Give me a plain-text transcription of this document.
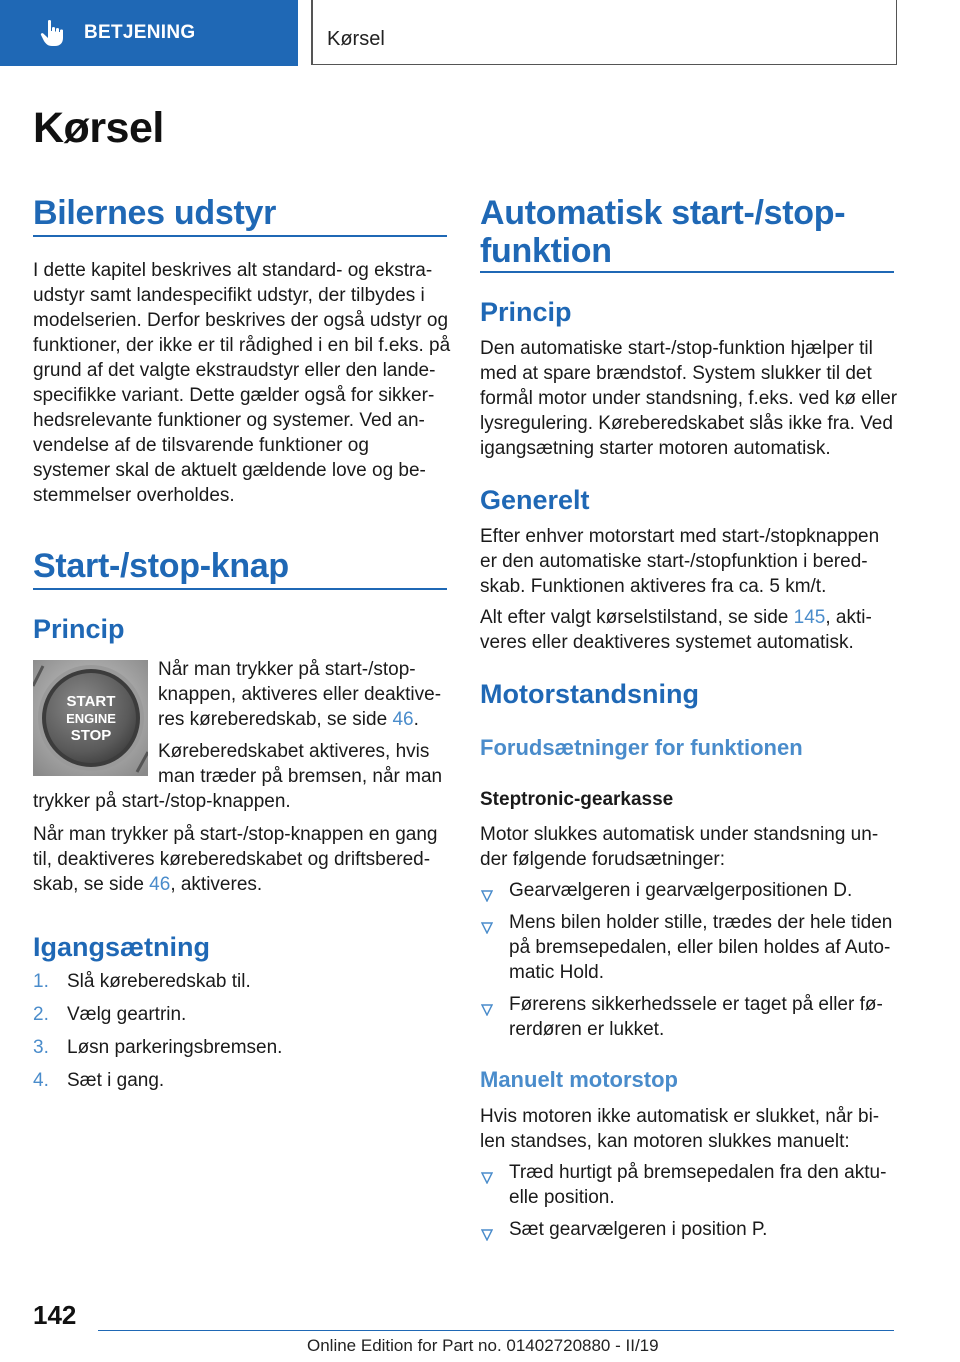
BETJENING	Kørsel
Kørsel
Bilernes udstyr
I dette kapitel beskrives alt standard- og ekstra-
udstyr samt landespecifikt udstyr, der tilbydes i
modelserien. Derfor beskrives der også udstyr og
funktioner, der ikke er til rådighed i en bil f.eks. på
grund af det valgte ekstraudstyr eller den lande-
specifikke variant. Dette gælder også for sikker-
hedsrelevante funktioner og systemer. Ved an-
vendelse af de tilsvarende funktioner og
systemer skal de aktuelt gældende love og be-
stemmelser overholdes.
Start-/stop-knap
Princip
START
ENGINE
STOP
Når man trykker på start-/stop-
knappen, aktiveres eller deaktive-
res køreberedskab, se side 46.
Køreberedskabet aktiveres, hvis
man træder på bremsen, når man
trykker på start-/stop-knappen.
Når man trykker på start-/stop-knappen en gang
til, deaktiveres køreberedskabet og driftsbered-
skab, se side 46, aktiveres.
Igangsætning
1. Slå køreberedskab til.
2. Vælg geartrin.
3. Løsn parkeringsbremsen.
4. Sæt i gang.
Automatisk start-/stop-
funktion
Princip
Den automatiske start-/stop-funktion hjælper til
med at spare brændstof. System slukker til det
formål motor under standsning, f.eks. ved kø eller
lysregulering. Køreberedskabet slås ikke fra. Ved
igangsætning starter motoren automatisk.
Generelt
Efter enhver motorstart med start-/stopknappen
er den automatiske start-/stopfunktion i bered-
skab. Funktionen aktiveres fra ca. 5 km/t.
Alt efter valgt kørselstilstand, se side 145, akti-
veres eller deaktiveres systemet automatisk.
Motorstandsning
Forudsætninger for funktionen
Steptronic-gearkasse
Motor slukkes automatisk under standsning un-
der følgende forudsætninger:
Gearvælgeren i gearvælgerpositionen D.
Mens bilen holder stille, trædes der hele tiden
på bremsepedalen, eller bilen holdes af Auto-
matic Hold.
Førerens sikkerhedssele er taget på eller fø-
rerdøren er lukket.
Manuelt motorstop
Hvis motoren ikke automatisk er slukket, når bi-
len standses, kan motoren slukkes manuelt:
Træd hurtigt på bremsepedalen fra den aktu-
elle position.
Sæt gearvælgeren i position P.
142
Online Edition for Part no. 01402720880 - II/19
